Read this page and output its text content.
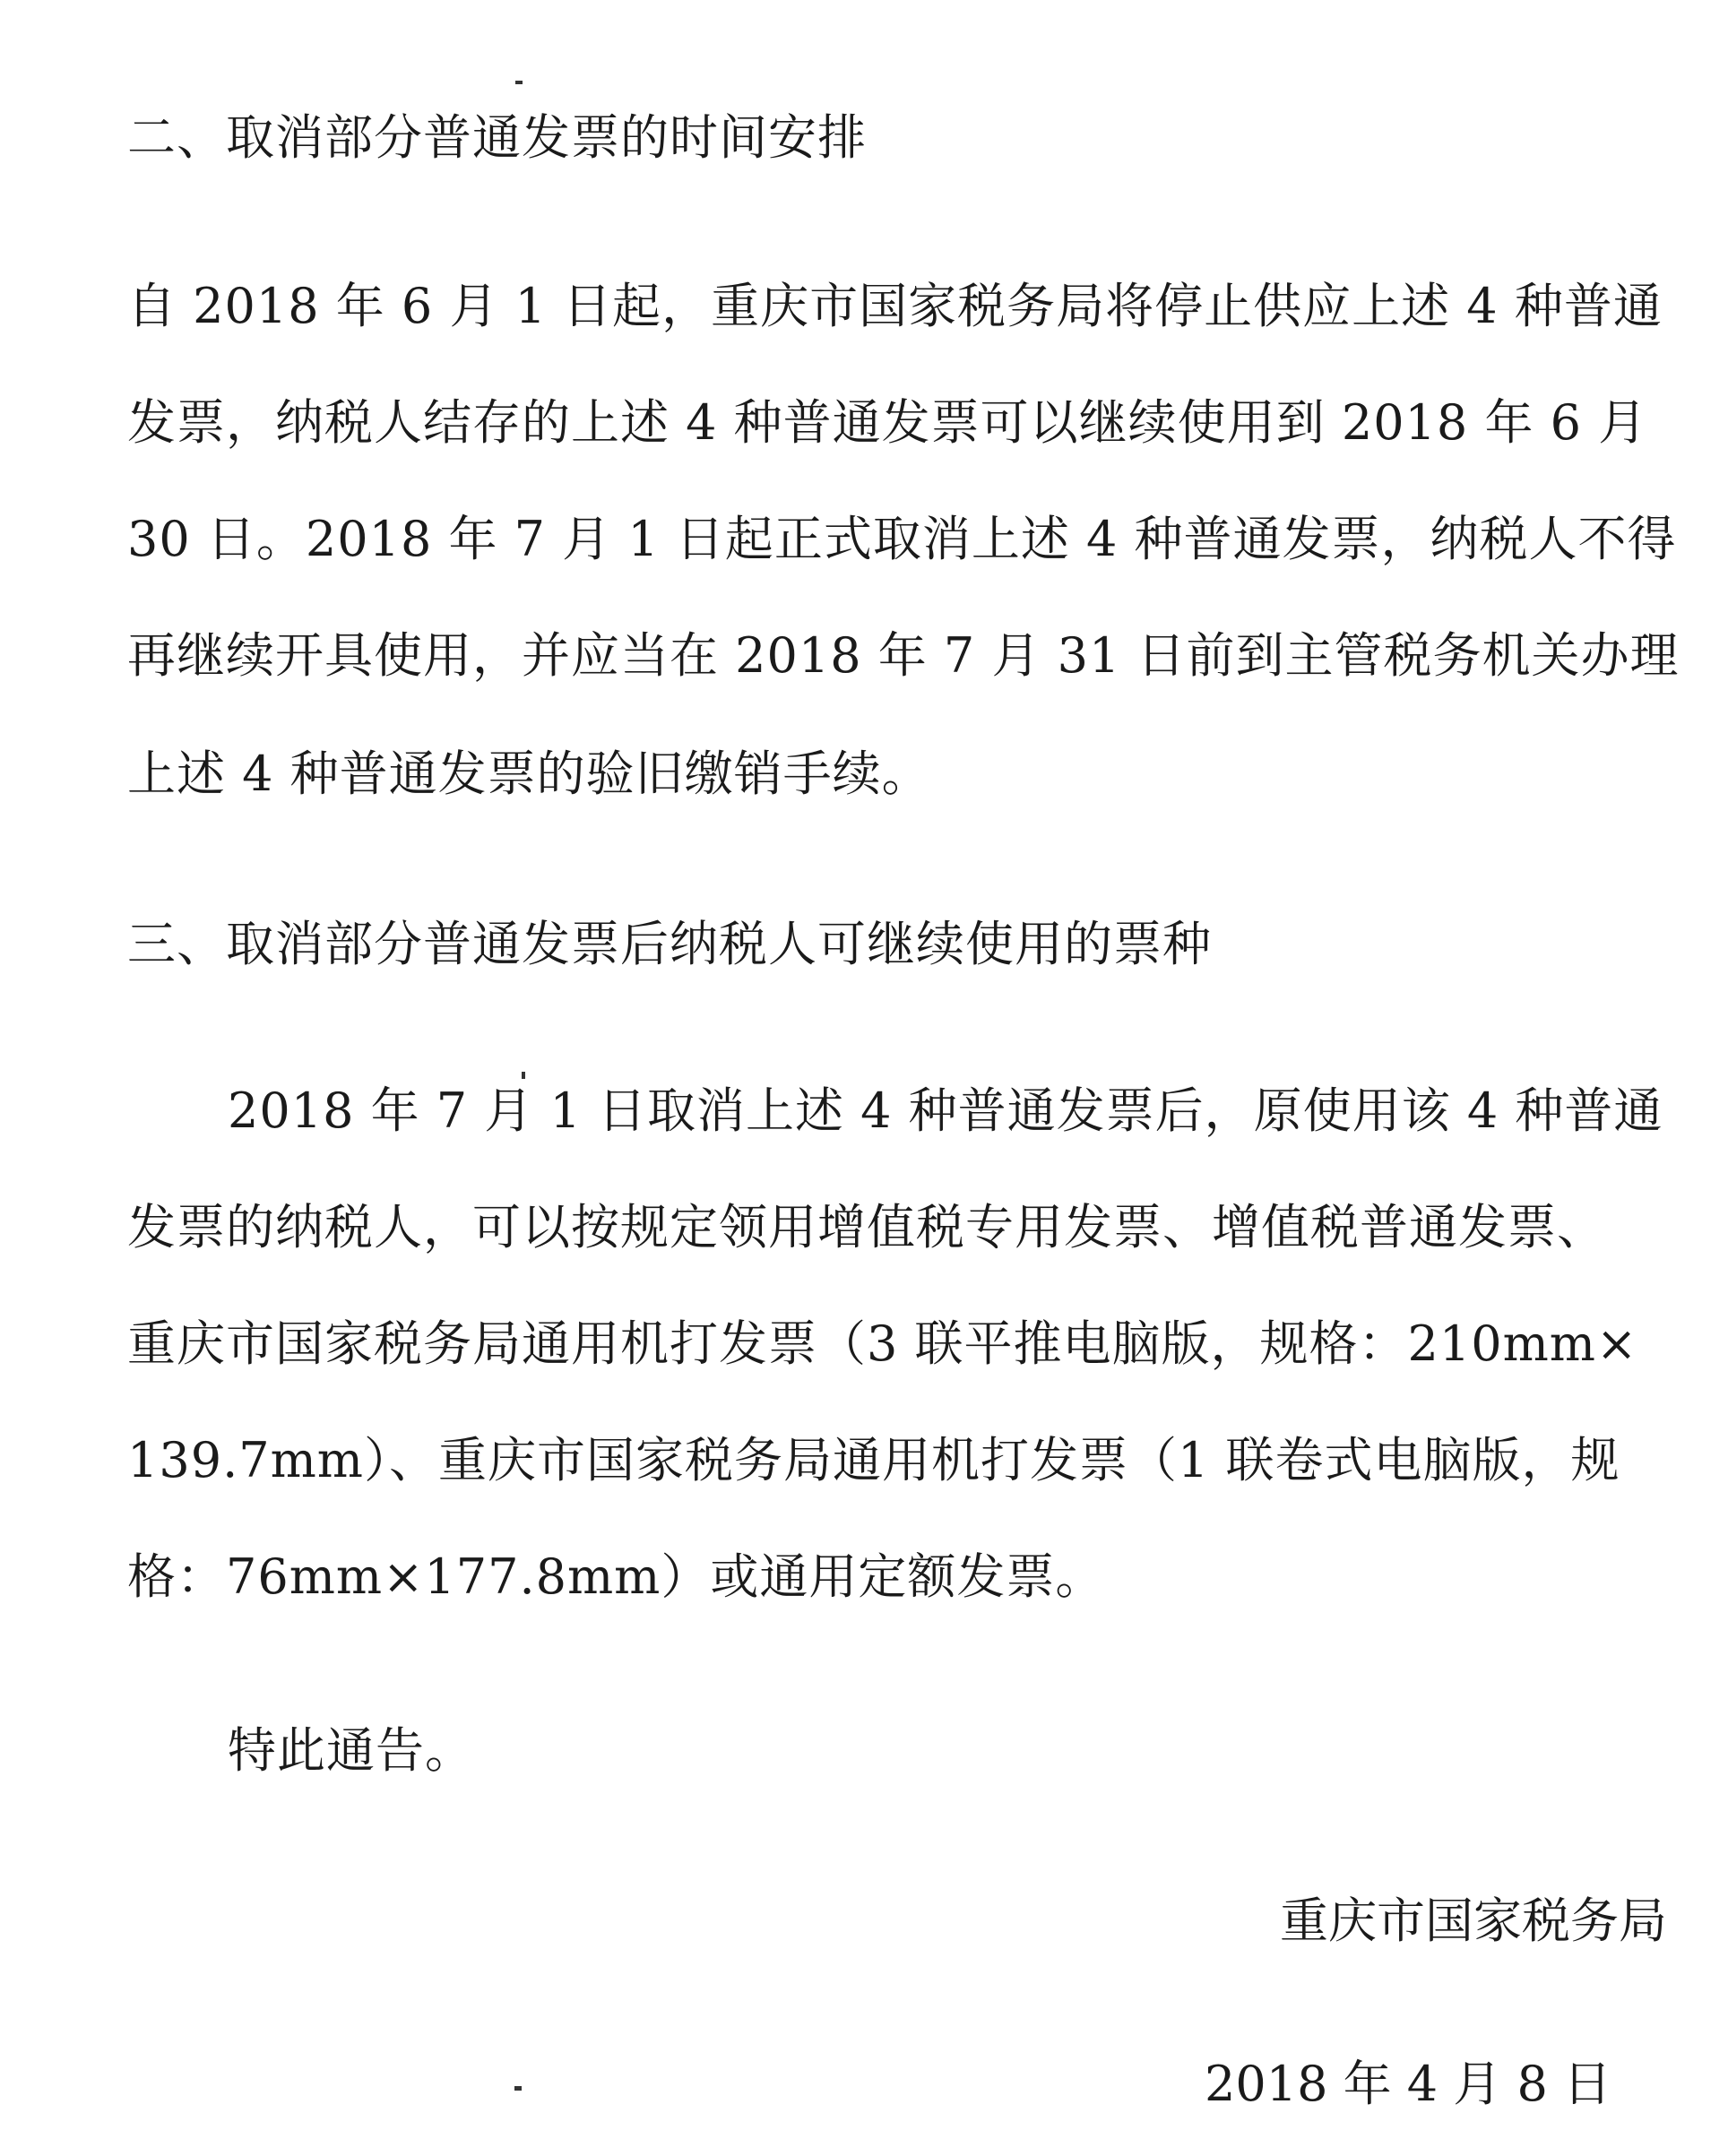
二、取消部分普通发票的时间安排
自 2018 年 6 月 1 日起，重庆市国家税务局将停止供应上述 4 种普通
发票，纳税人结存的上述 4 种普通发票可以继续使用到 2018 年 6 月
30 日。2018 年 7 月 1 日起正式取消上述 4 种普通发票，纳税人不得
再继续开具使用，并应当在 2018 年 7 月 31 日前到主管税务机关办理
上述 4 种普通发票的验旧缴销手续。
三、取消部分普通发票后纳税人可继续使用的票种
2018 年 7 月 1 日取消上述 4 种普通发票后，原使用该 4 种普通
发票的纳税人，可以按规定领用增值税专用发票、增值税普通发票、
重庆市国家税务局通用机打发票（3 联平推电脑版，规格：210mm×
139.7mm）、重庆市国家税务局通用机打发票（1 联卷式电脑版，规
格：76mm×177.8mm）或通用定额发票。
特此通告。
重庆市国家税务局
2018 年 4 月 8 日
